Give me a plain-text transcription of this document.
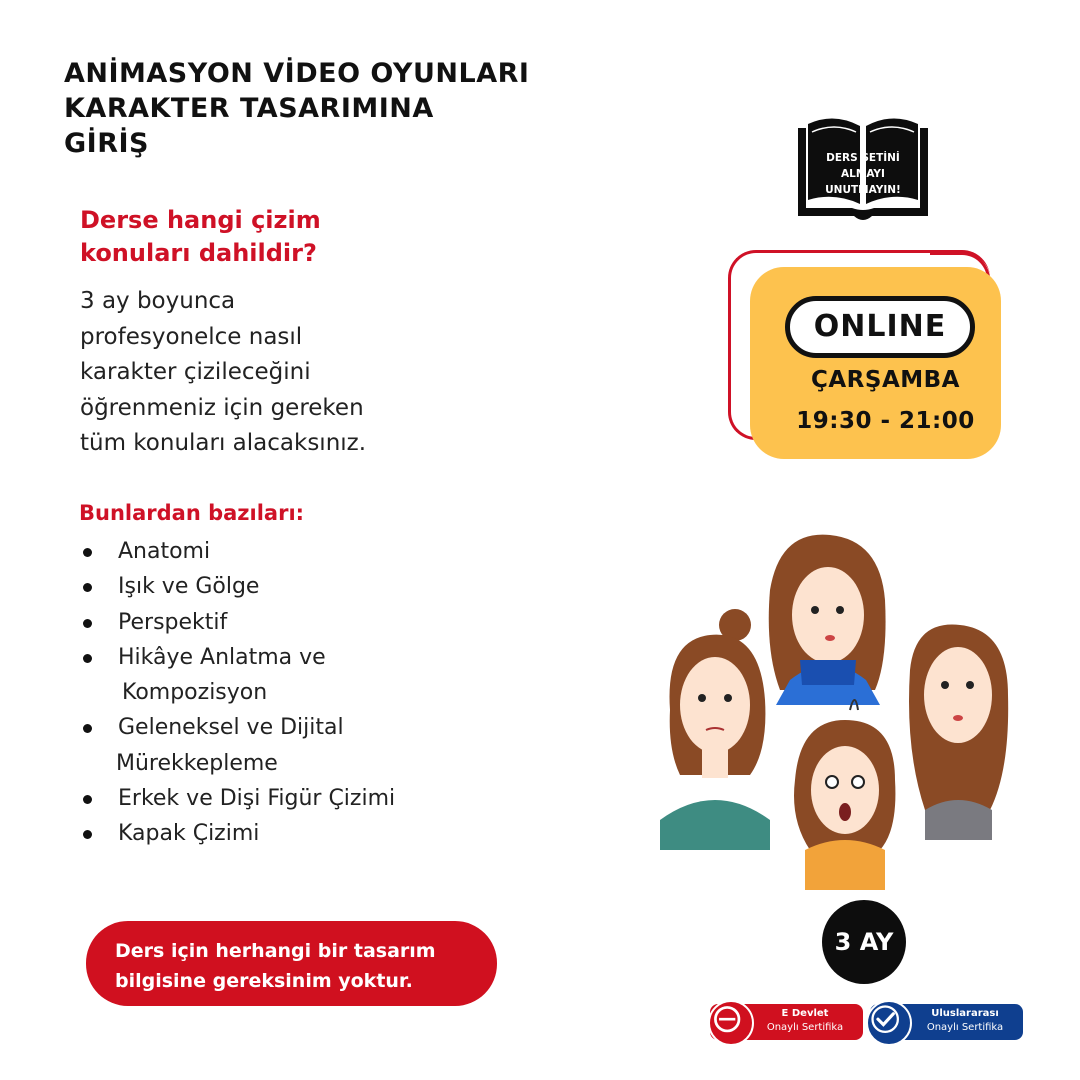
ANİMASYON VİDEO OYUNLARI
KARAKTER TASARIMINA
GİRİŞ
Derse hangi çizim
konuları dahildir?
3 ay boyunca
profesyonelce nasıl
karakter çizileceğini
öğrenmeniz için gereken
tüm konuları alacaksınız.
Bunlardan bazıları:
Anatomi
Işık ve Gölge
Perspektif
Hikâye Anlatma ve
Kompozisyon
Geleneksel ve Dijital
Mürekkepleme
Erkek ve Dişi Figür Çizimi
Kapak Çizimi
Ders için herhangi bir tasarım
bilgisine gereksinim yoktur.
DERS SETİNİ
ALMAYI
UNUTMAYIN!
ONLINE
ÇARŞAMBA
19:30 - 21:00
3 AY
E Devlet
Onaylı Sertifika
Uluslararası
Onaylı Sertifika
